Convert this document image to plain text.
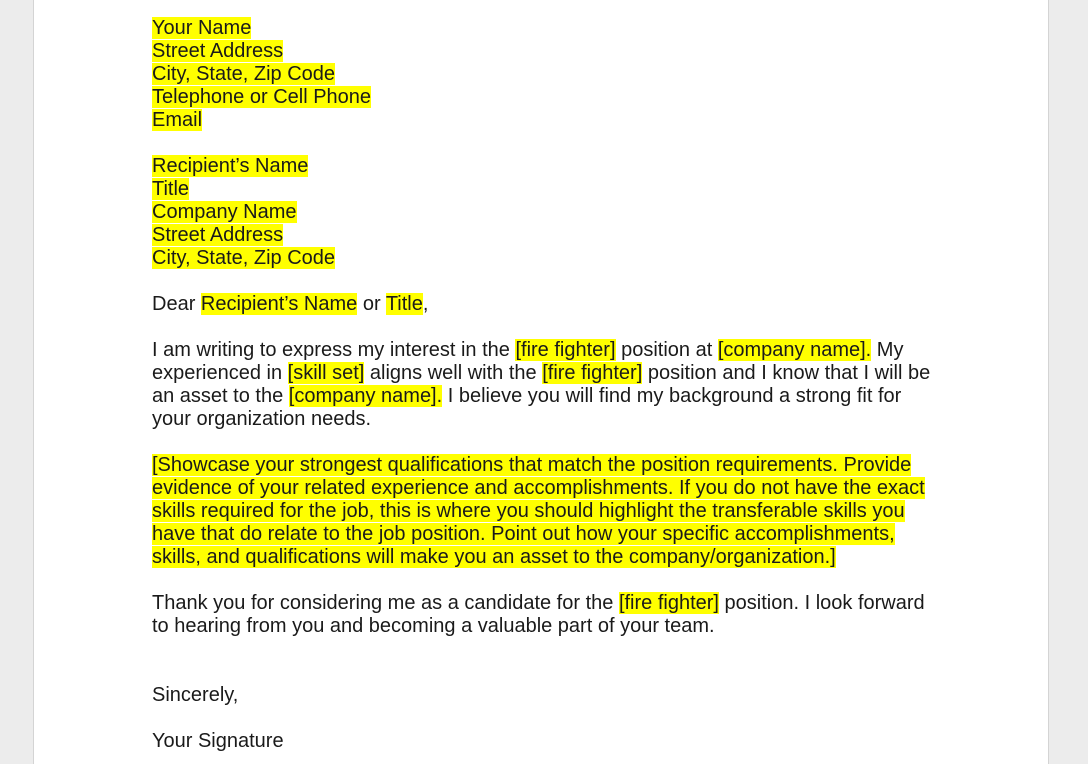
Your Name
Street Address
City, State, Zip Code
Telephone or Cell Phone
Email
Recipient’s Name
Title
Company Name
Street Address
City, State, Zip Code
Dear Recipient’s Name or Title,
I am writing to express my interest in the [fire fighter] position at [company name]. My
experienced in [skill set] aligns well with the [fire fighter] position and I know that I will be
an asset to the [company name]. I believe you will find my background a strong fit for
your organization needs.
[Showcase your strongest qualifications that match the position requirements. Provide
evidence of your related experience and accomplishments. If you do not have the exact
skills required for the job, this is where you should highlight the transferable skills you
have that do relate to the job position. Point out how your specific accomplishments,
skills, and qualifications will make you an asset to the company/organization.]
Thank you for considering me as a candidate for the [fire fighter] position. I look forward
to hearing from you and becoming a valuable part of your team.
Sincerely,
Your Signature
